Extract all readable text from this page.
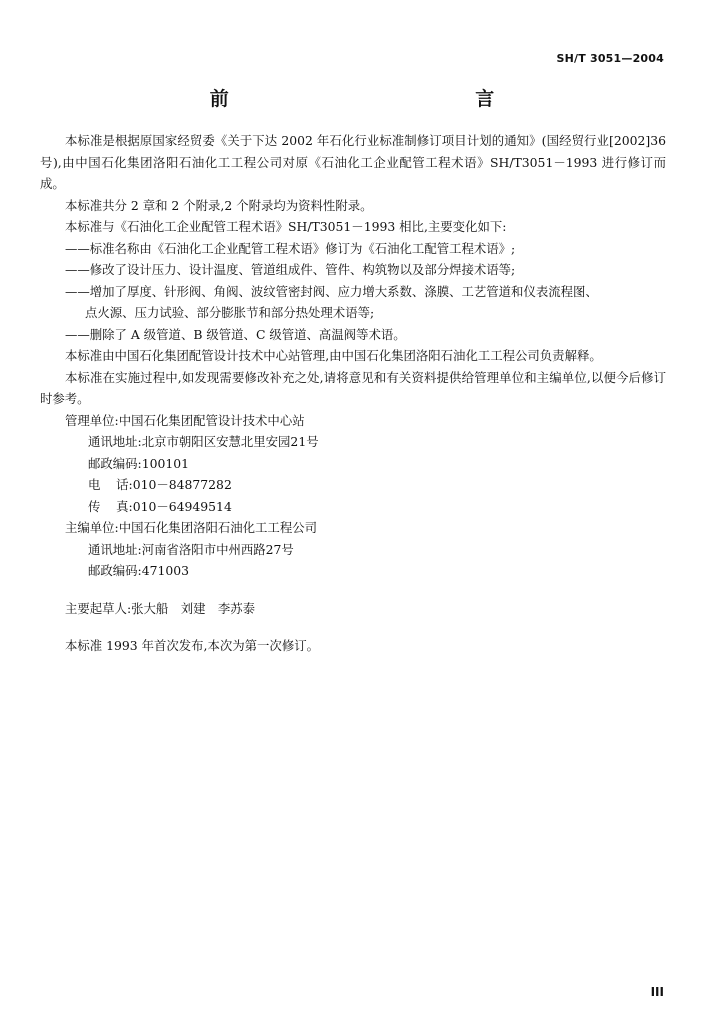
SH/T 3051—2004
前 言

本标准是根据原国家经贸委《关于下达 2002 年石化行业标准制修订项目计划的通知》(国经贸行业[2002]36 号),由中国石化集团洛阳石油化工工程公司对原《石油化工企业配管工程术语》SH/T3051－1993 进行修订而成。

本标准共分 2 章和 2 个附录,2 个附录均为资料性附录。

本标准与《石油化工企业配管工程术语》SH/T3051－1993 相比,主要变化如下:

——标准名称由《石油化工企业配管工程术语》修订为《石油化工配管工程术语》;

——修改了设计压力、设计温度、管道组成件、管件、构筑物以及部分焊接术语等;

——增加了厚度、针形阀、角阀、波纹管密封阀、应力增大系数、涤膜、工艺管道和仪表流程图、
点火源、压力试验、部分膨胀节和部分热处理术语等;

——删除了 A 级管道、B 级管道、C 级管道、高温阀等术语。

本标准由中国石化集团配管设计技术中心站管理,由中国石化集团洛阳石油化工工程公司负责解释。

本标准在实施过程中,如发现需要修改补充之处,请将意见和有关资料提供给管理单位和主编单位,以便今后修订时参考。

管理单位: 中国石化集团配管设计技术中心站
通讯地址: 北京市朝阳区安慧北里安园21号
邮政编码: 100101
电    话: 010－84877282
传    真: 010－64949514
主编单位: 中国石化集团洛阳石油化工工程公司
通讯地址: 河南省洛阳市中州西路27号
邮政编码: 471003
主要起草人: 张大船　刘建　李苏泰

本标准 1993 年首次发布,本次为第一次修订。

III
